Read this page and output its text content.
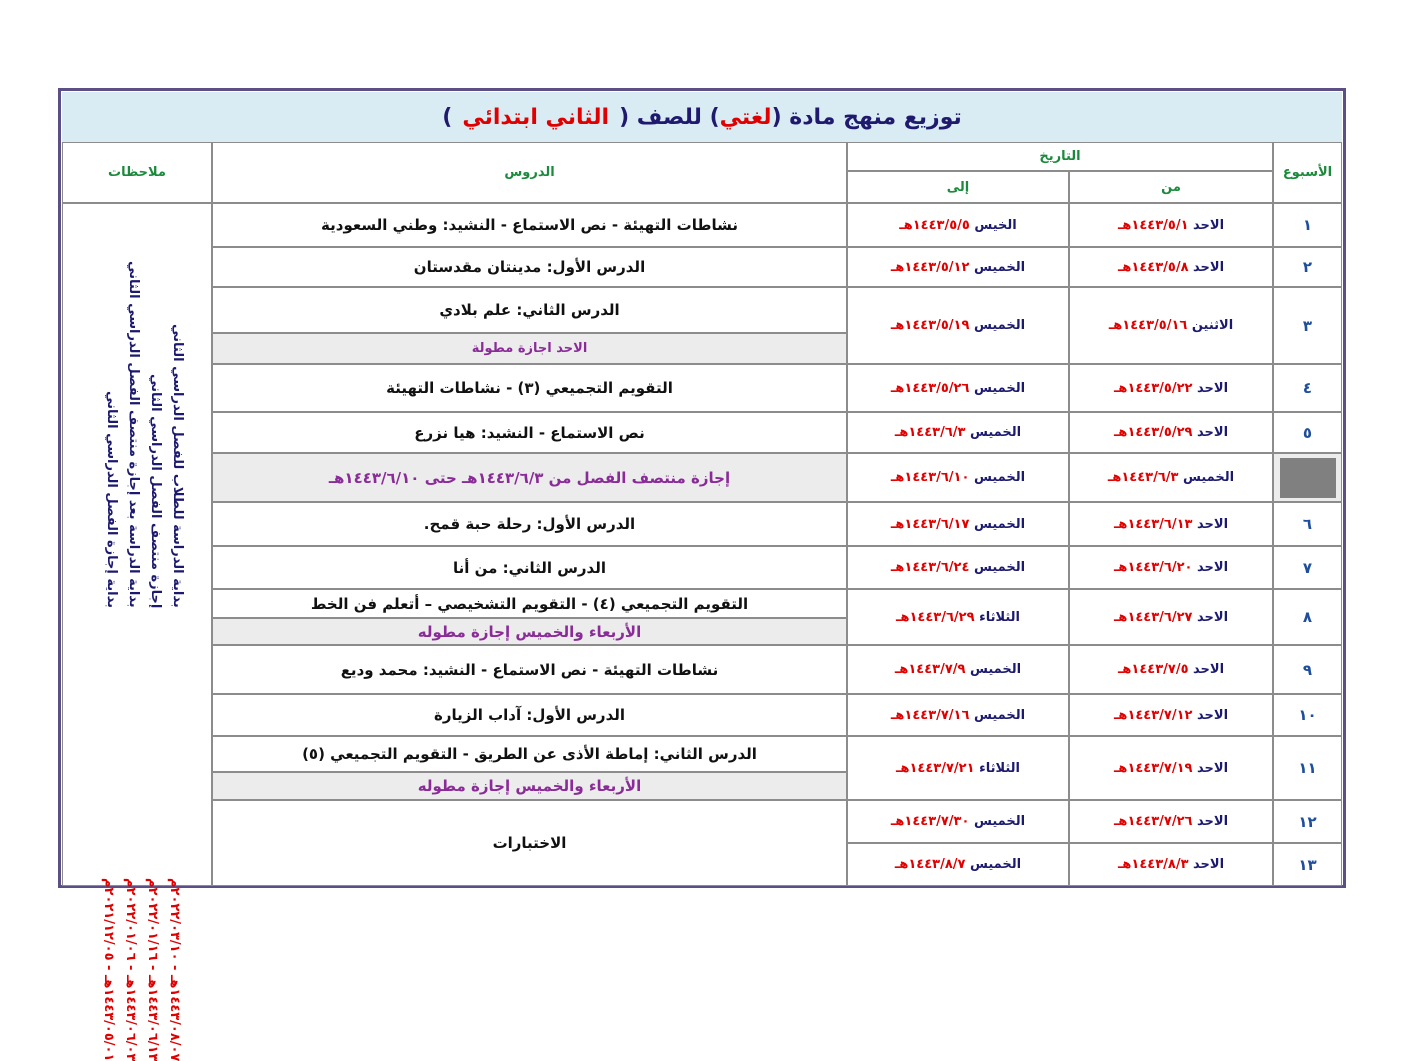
توزيع منهج مادة (
لغتي
) للصف (
الثاني ابتدائي
)
الأسبوع
التاريخ
من
إلى
الدروس
ملاحظات
١
الاحد

١٤٤٣/٥/١هـ
الخيس

١٤٤٣/٥/٥هـ
نشاطات التهيئة - نص الاستماع - النشيد: وطني السعودية
٢
الاحد

١٤٤٣/٥/٨هـ
الخميس

١٤٤٣/٥/١٢هـ
الدرس الأول: مدينتان مقدستان
٣
الاثنين

١٤٤٣/٥/١٦هـ
الخميس

١٤٤٣/٥/١٩هـ
الدرس الثاني: علم بلادي
الاحد اجازة مطولة
٤
الاحد

١٤٤٣/٥/٢٢هـ
الخميس

١٤٤٣/٥/٢٦هـ
التقويم التجميعي (٣) - نشاطات التهيئة
٥
الاحد

١٤٤٣/٥/٢٩هـ
الخميس

١٤٤٣/٦/٣هـ
نص الاستماع - النشيد: هيا نزرع
الخميس

١٤٤٣/٦/٣هـ
الخميس

١٤٤٣/٦/١٠هـ
إجازة منتصف الفصل من ١٤٤٣/٦/٣هـ حتى ١٤٤٣/٦/١٠هـ
٦
الاحد

١٤٤٣/٦/١٣هـ
الخميس

١٤٤٣/٦/١٧هـ
الدرس الأول: رحلة حبة قمح.
٧
الاحد

١٤٤٣/٦/٢٠هـ
الخميس

١٤٤٣/٦/٢٤هـ
الدرس الثاني: من أنا
٨
الاحد

١٤٤٣/٦/٢٧هـ
الثلاثاء

١٤٤٣/٦/٢٩هـ
التقويم التجميعي (٤) - التقويم التشخيصي – أتعلم فن الخط
الأربعاء والخميس إجازة مطوله
٩
الاحد

١٤٤٣/٧/٥هـ
الخميس

١٤٤٣/٧/٩هـ
نشاطات التهيئة - نص الاستماع - النشيد: محمد وديع
١٠
الاحد

١٤٤٣/٧/١٢هـ
الخميس

١٤٤٣/٧/١٦هـ
الدرس الأول: آداب الزيارة
١١
الاحد

١٤٤٣/٧/١٩هـ
الثلاثاء

١٤٤٣/٧/٢١هـ
الدرس الثاني: إماطة الأذى عن الطريق - التقويم التجميعي (٥)
الأربعاء والخميس إجازة مطوله
١٢
الاحد

١٤٤٣/٧/٢٦هـ
الخميس

١٤٤٣/٧/٣٠هـ
١٣
الاحد

١٤٤٣/٨/٣هـ
الخميس

١٤٤٣/٨/٧هـ
الاختبارات
بداية الدراسة للطلاب للفصل الدراسي الثاني
إجازة منتصف الفصل الدراسي الثاني
بداية الدراسة بعد إجازة منتصف الفصل الدراسي الثاني
بداية إجازة الفصل الدراسي الثاني
١٤٤٣/٠٥/٠١هـ - ٢٠٢١/١٢/٠٥م
١٤٤٣/٠٦/٠٣هـ - ٢٠٢٢/٠١/٠٦م
١٤٤٣/٠٦/١٣هـ - ٢٠٢٢/٠١/١٦م
١٤٤٣/٠٨/٠٧هـ - ٢٠٢٢/٠٣/١٠م
